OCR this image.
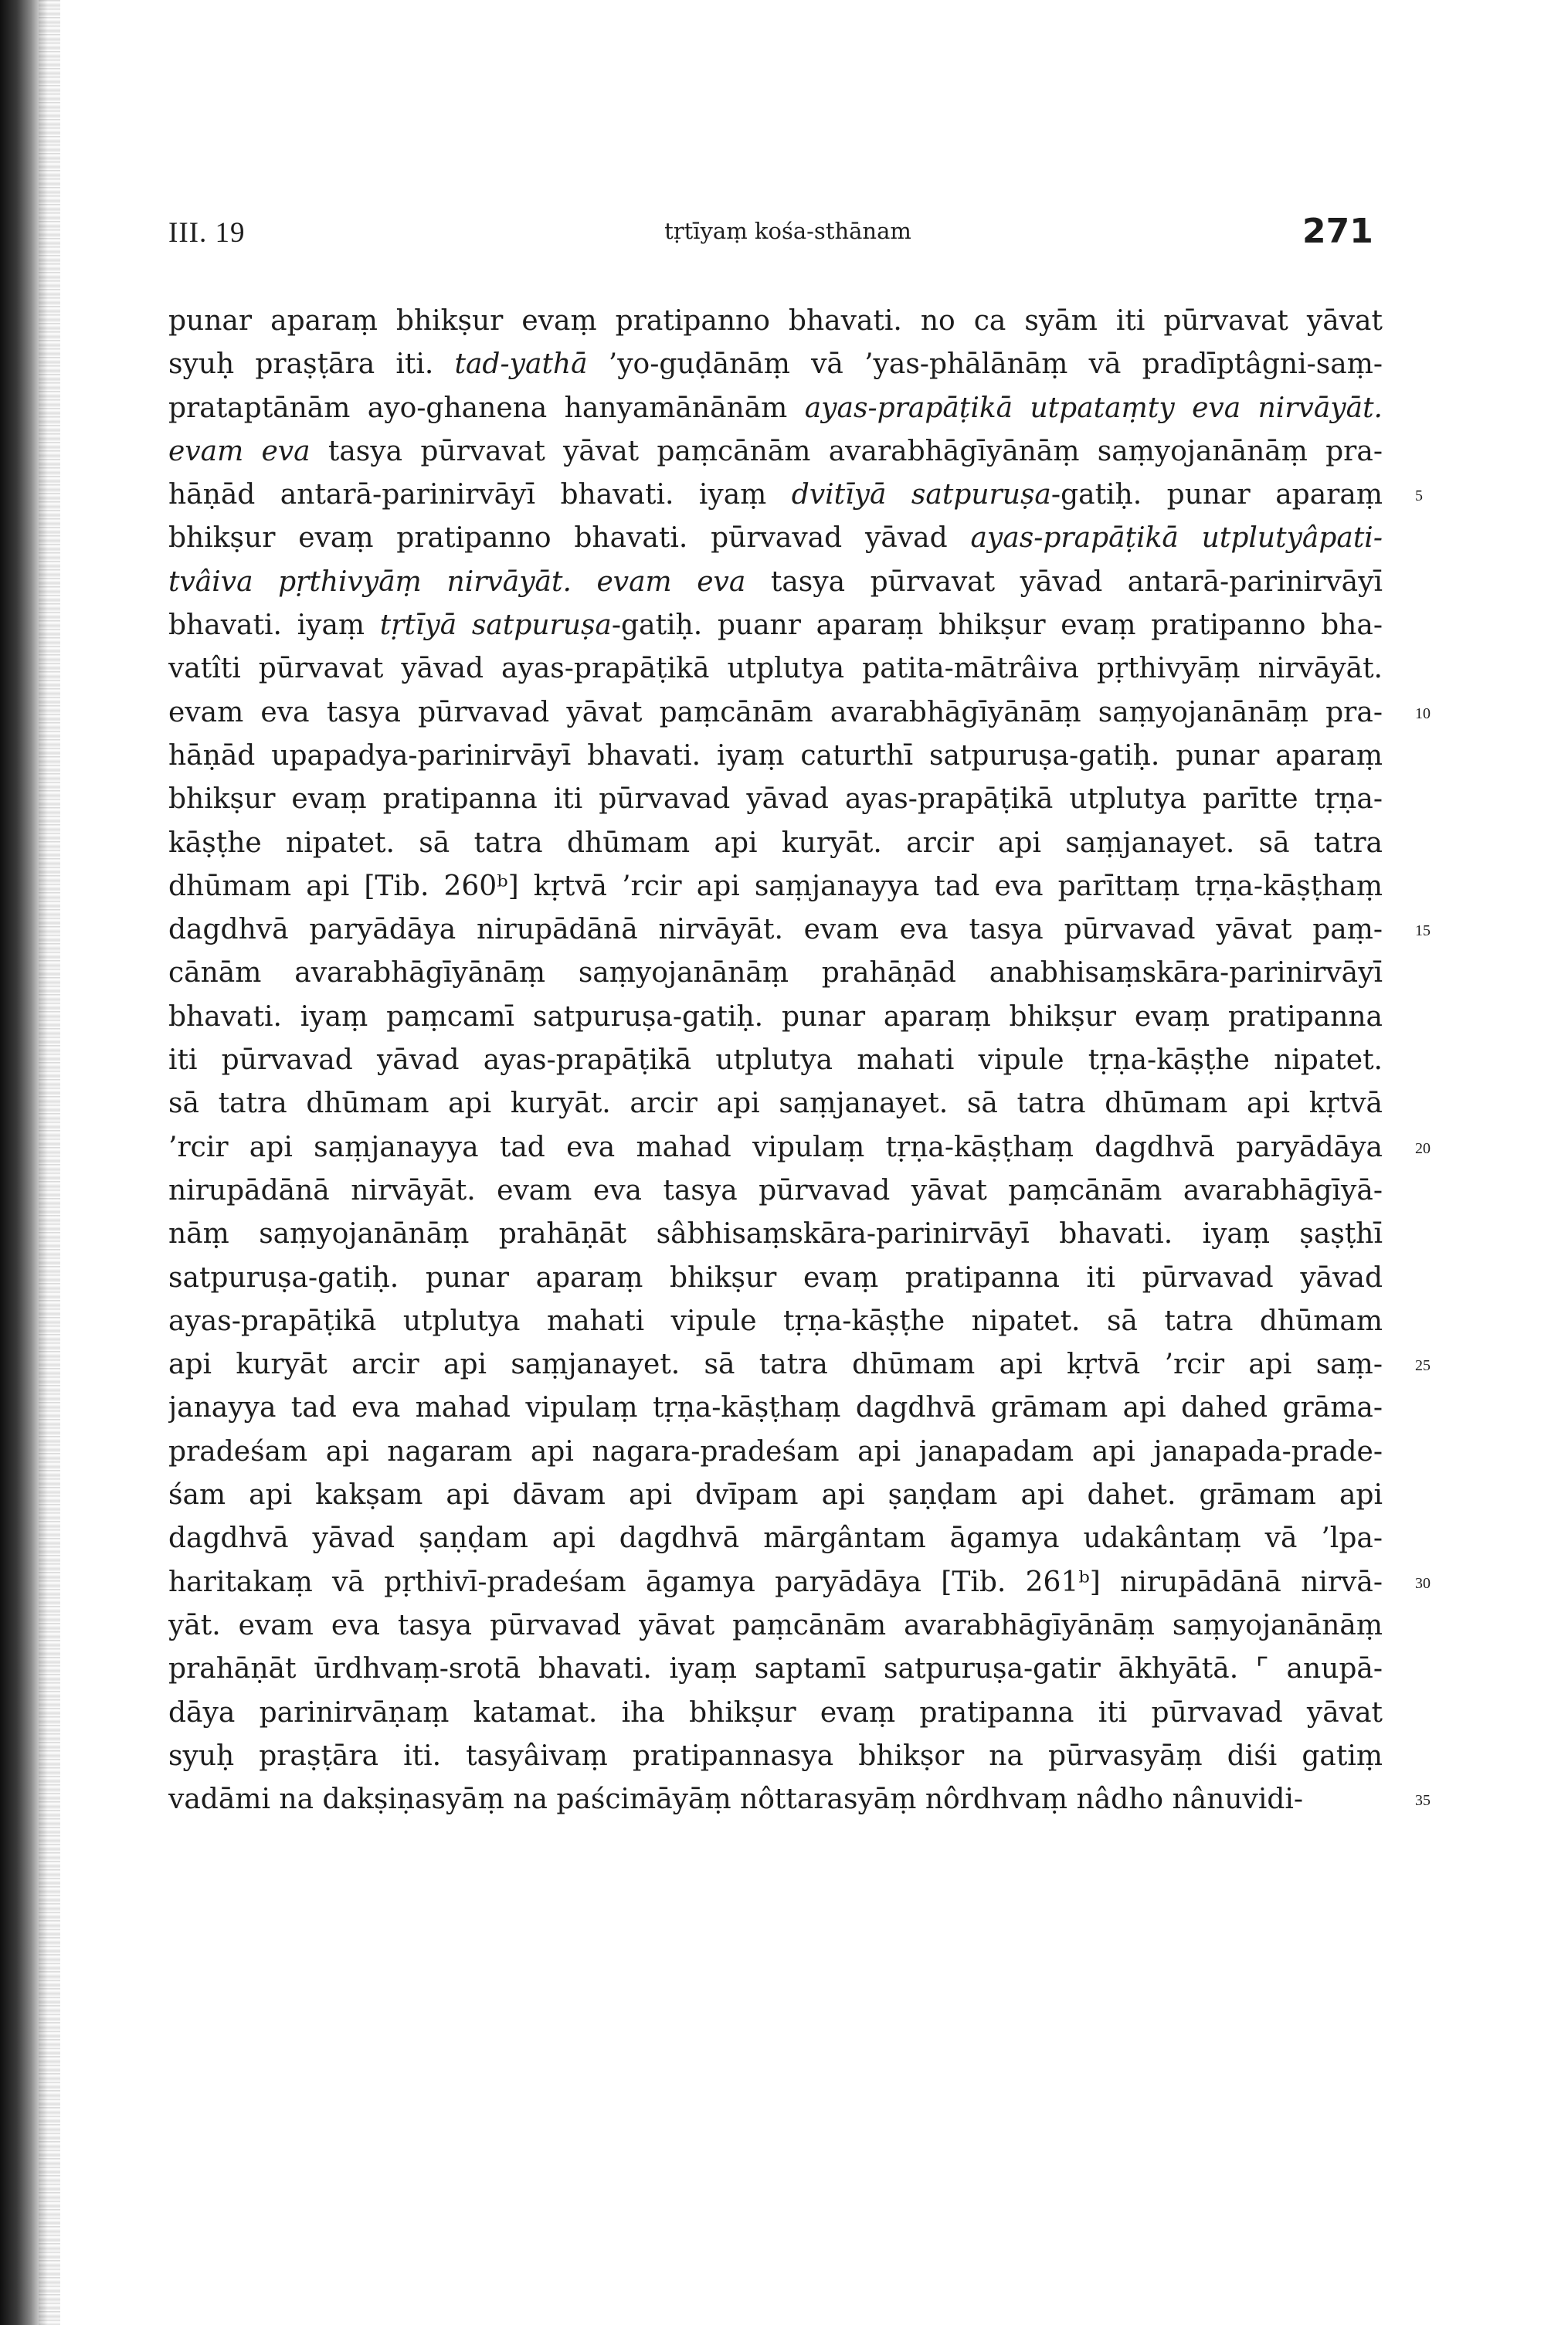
III. 19	tṛtīyaṃ kośa-sthānam	271
punar aparaṃ bhikṣur evaṃ pratipanno bhavati. no ca syām iti pūrvavat yāvat
syuḥ praṣṭāra iti. tad-yathā ’yo-guḍānāṃ vā ’yas-phālānāṃ vā pradīptâgni-saṃ-
prataptānām ayo-ghanena hanyamānānām ayas-prapāṭikā utpataṃty eva nirvāyāt.
evam eva tasya pūrvavat yāvat paṃcānām avarabhāgīyānāṃ saṃyojanānāṃ pra-
hāṇād antarā-parinirvāyī bhavati. iyaṃ dvitīyā satpuruṣa-gatiḥ. punar aparaṃ
bhikṣur evaṃ pratipanno bhavati. pūrvavad yāvad ayas-prapāṭikā utplutyâpati-
tvâiva pṛthivyāṃ nirvāyāt. evam eva tasya pūrvavat yāvad antarā-parinirvāyī
bhavati. iyaṃ tṛtīyā satpuruṣa-gatiḥ. puanr aparaṃ bhikṣur evaṃ pratipanno bha-
vatîti pūrvavat yāvad ayas-prapāṭikā utplutya patita-mātrâiva pṛthivyāṃ nirvāyāt.
evam eva tasya pūrvavad yāvat paṃcānām avarabhāgīyānāṃ saṃyojanānāṃ pra-
hāṇād upapadya-parinirvāyī bhavati. iyaṃ caturthī satpuruṣa-gatiḥ. punar aparaṃ
bhikṣur evaṃ pratipanna iti pūrvavad yāvad ayas-prapāṭikā utplutya parītte tṛṇa-
kāṣṭhe nipatet. sā tatra dhūmam api kuryāt. arcir api saṃjanayet. sā tatra
dhūmam api [Tib. 260ᵇ] kṛtvā ’rcir api saṃjanayya tad eva parīttaṃ tṛṇa-kāṣṭhaṃ
dagdhvā paryādāya nirupādānā nirvāyāt. evam eva tasya pūrvavad yāvat paṃ-
cānām avarabhāgīyānāṃ saṃyojanānāṃ prahāṇād anabhisaṃskāra-parinirvāyī
bhavati. iyaṃ paṃcamī satpuruṣa-gatiḥ. punar aparaṃ bhikṣur evaṃ pratipanna
iti pūrvavad yāvad ayas-prapāṭikā utplutya mahati vipule tṛṇa-kāṣṭhe nipatet.
sā tatra dhūmam api kuryāt. arcir api saṃjanayet. sā tatra dhūmam api kṛtvā
’rcir api saṃjanayya tad eva mahad vipulaṃ tṛṇa-kāṣṭhaṃ dagdhvā paryādāya
nirupādānā nirvāyāt. evam eva tasya pūrvavad yāvat paṃcānām avarabhāgīyā-
nāṃ saṃyojanānāṃ prahāṇāt sâbhisaṃskāra-parinirvāyī bhavati. iyaṃ ṣaṣṭhī
satpuruṣa-gatiḥ. punar aparaṃ bhikṣur evaṃ pratipanna iti pūrvavad yāvad
ayas-prapāṭikā utplutya mahati vipule tṛṇa-kāṣṭhe nipatet. sā tatra dhūmam
api kuryāt arcir api saṃjanayet. sā tatra dhūmam api kṛtvā ’rcir api saṃ-
janayya tad eva mahad vipulaṃ tṛṇa-kāṣṭhaṃ dagdhvā grāmam api dahed grāma-
pradeśam api nagaram api nagara-pradeśam api janapadam api janapada-prade-
śam api kakṣam api dāvam api dvīpam api ṣaṇḍam api dahet. grāmam api
dagdhvā yāvad ṣaṇḍam api dagdhvā mārgântam āgamya udakântaṃ vā ’lpa-
haritakaṃ vā pṛthivī-pradeśam āgamya paryādāya [Tib. 261ᵇ] nirupādānā nirvā-
yāt. evam eva tasya pūrvavad yāvat paṃcānām avarabhāgīyānāṃ saṃyojanānāṃ
prahāṇāt ūrdhvaṃ-srotā bhavati. iyaṃ saptamī satpuruṣa-gatir ākhyātā. ⌜ anupā-
dāya parinirvāṇaṃ katamat. iha bhikṣur evaṃ pratipanna iti pūrvavad yāvat
syuḥ praṣṭāra iti. tasyâivaṃ pratipannasya bhikṣor na pūrvasyāṃ diśi gatiṃ
vadāmi na dakṣiṇasyāṃ na paścimāyāṃ nôttarasyāṃ nôrdhvaṃ nâdho nânuvidi-
5
10
15
20
25
30
35
